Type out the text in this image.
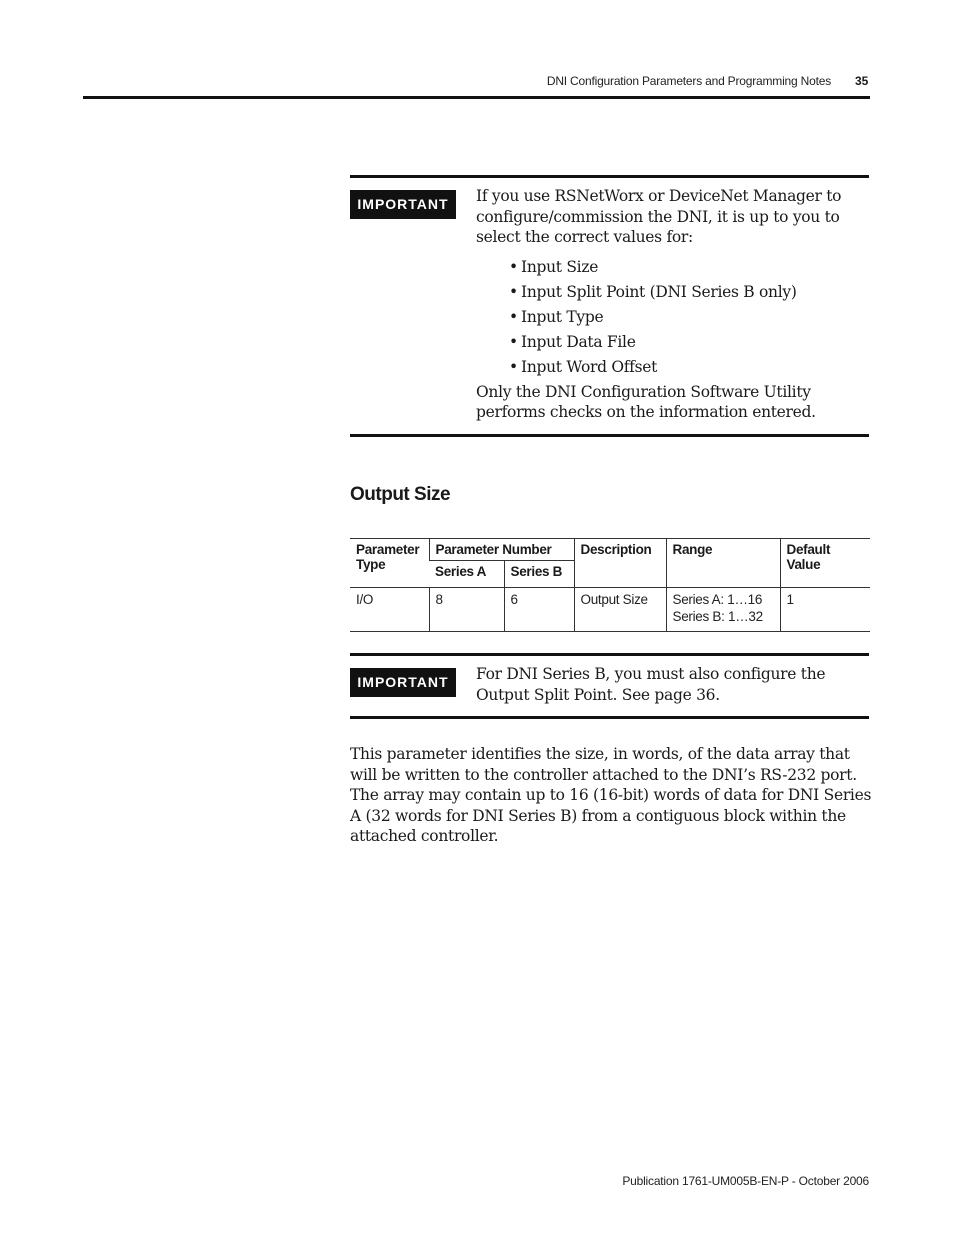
DNI Configuration Parameters and Programming Notes 35
IMPORTANT	If you use RSNetWorx or DeviceNet Manager to configure/commission the DNI, it is up to you to select the correct values for:
• Input Size
• Input Split Point (DNI Series B only)
• Input Type
• Input Data File
• Input Word Offset
Only the DNI Configuration Software Utility performs checks on the information entered.
Output Size
Parameter Type	Parameter Number		Description	Range	Default Value
	Series A	Series B			
I/O	8	6	Output Size	Series A: 1…16
Series B: 1…32	1
IMPORTANT	For DNI Series B, you must also configure the Output Split Point. See page 36.
This parameter identifies the size, in words, of the data array that will be written to the controller attached to the DNI’s RS-232 port. The array may contain up to 16 (16-bit) words of data for DNI Series A (32 words for DNI Series B) from a contiguous block within the attached controller.
Publication 1761-UM005B-EN-P - October 2006
